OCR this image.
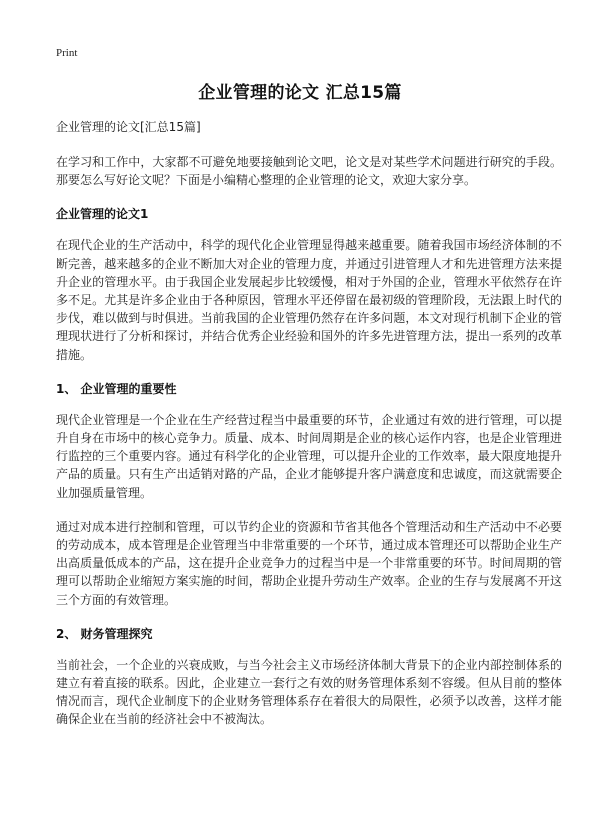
Print
企业管理的论文 汇总15篇
企业管理的论文[汇总15篇]

在学习和工作中，大家都不可避免地要接触到论文吧，论文是对某些学术问题进行研究的手段。那要怎么写好论文呢？下面是小编精心整理的企业管理的论文，欢迎大家分享。

企业管理的论文1

在现代企业的生产活动中，科学的现代化企业管理显得越来越重要。随着我国市场经济体制的不断完善，越来越多的企业不断加大对企业的管理力度，并通过引进管理人才和先进管理方法来提升企业的管理水平。由于我国企业发展起步比较缓慢，相对于外国的企业，管理水平依然存在许多不足。尤其是许多企业由于各种原因，管理水平还停留在最初级的管理阶段，无法跟上时代的步伐，难以做到与时俱进。当前我国的企业管理仍然存在许多问题，本文对现行机制下企业的管理现状进行了分析和探讨，并结合优秀企业经验和国外的许多先进管理方法，提出一系列的改革措施。

1、 企业管理的重要性

现代企业管理是一个企业在生产经营过程当中最重要的环节，企业通过有效的进行管理，可以提升自身在市场中的核心竞争力。质量、成本、时间周期是企业的核心运作内容，也是企业管理进行监控的三个重要内容。通过有科学化的企业管理，可以提升企业的工作效率，最大限度地提升产品的质量。只有生产出适销对路的产品，企业才能够提升客户满意度和忠诚度，而这就需要企业加强质量管理。

通过对成本进行控制和管理，可以节约企业的资源和节省其他各个管理活动和生产活动中不必要的劳动成本，成本管理是企业管理当中非常重要的一个环节，通过成本管理还可以帮助企业生产出高质量低成本的产品，这在提升企业竞争力的过程当中是一个非常重要的环节。时间周期的管理可以帮助企业缩短方案实施的时间，帮助企业提升劳动生产效率。企业的生存与发展离不开这三个方面的有效管理。

2、 财务管理探究

当前社会，一个企业的兴衰成败，与当今社会主义市场经济体制大背景下的企业内部控制体系的建立有着直接的联系。因此，企业建立一套行之有效的财务管理体系刻不容缓。但从目前的整体情况而言，现代企业制度下的企业财务管理体系存在着很大的局限性，必须予以改善，这样才能确保企业在当前的经济社会中不被淘汰。
